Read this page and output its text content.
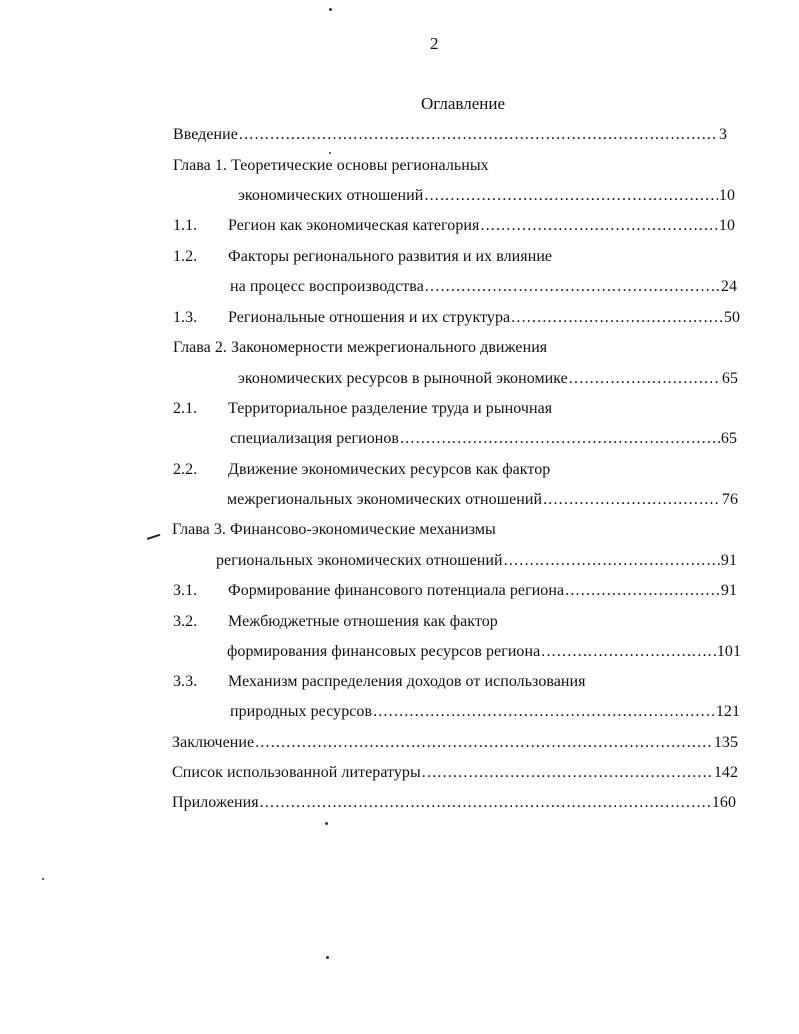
2
Оглавление
Введение .....	3
Глава 1. Теоретические основы региональных
экономических отношений .....	10
1.1.	Регион как экономическая категория .....	10
1.2.	Факторы регионального развития и их влияние
на процесс воспроизводства .....	24
1.3.	Региональные отношения и их структура .....	50
Глава 2. Закономерности межрегионального движения
экономических ресурсов в рыночной экономике .....	65
2.1.	Территориальное разделение труда и рыночная
специализация регионов .....	65
2.2.	Движение экономических ресурсов как фактор
межрегиональных экономических отношений .....	76
Глава 3. Финансово-экономические механизмы
региональных экономических отношений .....	91
3.1.	Формирование финансового потенциала региона .....	91
3.2.	Межбюджетные отношения как фактор
формирования финансовых ресурсов региона .....	101
3.3.	Механизм распределения доходов от использования
природных ресурсов .....	121
Заключение .....	135
Список использованной литературы .....	142
Приложения .....	160
